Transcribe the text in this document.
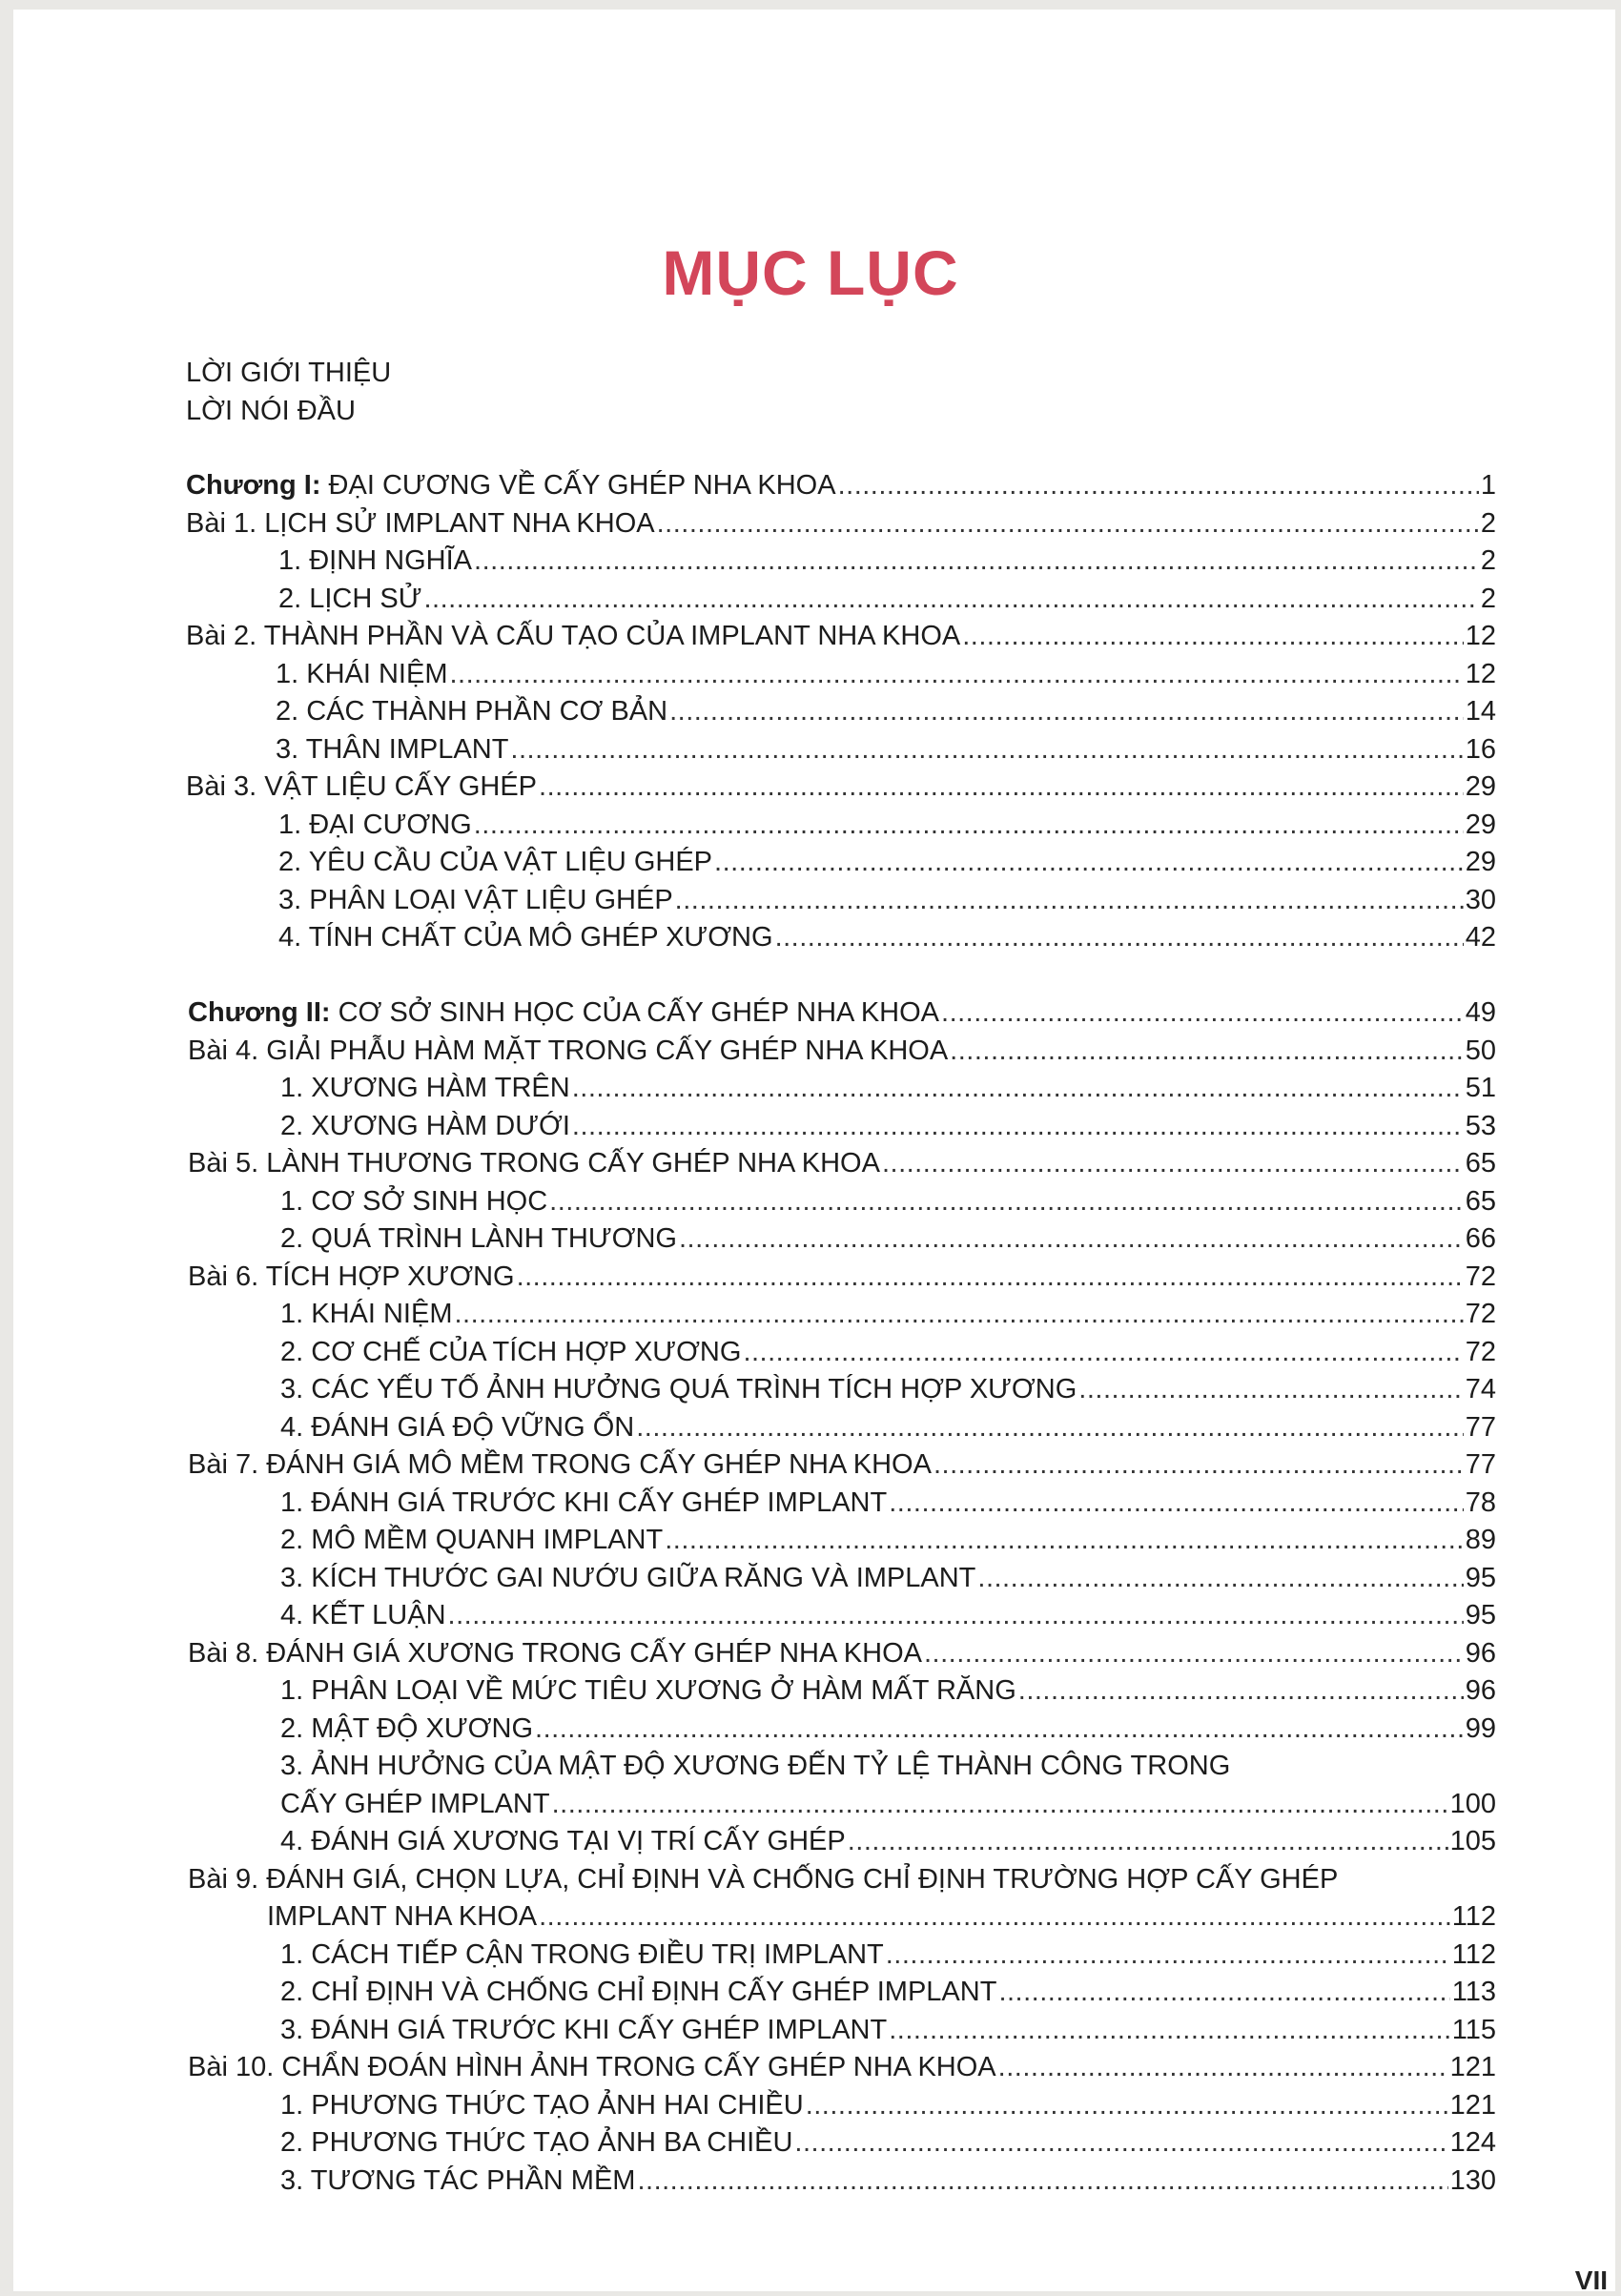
MỤC LỤC
LỜI GIỚI THIỆU
LỜI NÓI ĐẦU
Chương I: ĐẠI CƯƠNG VỀ CẤY GHÉP NHA KHOA .....	1
Bài 1. LỊCH SỬ IMPLANT NHA KHOA .....	2
1. ĐỊNH NGHĨA .....	2
2. LỊCH SỬ .....	2
Bài 2. THÀNH PHẦN VÀ CẤU TẠO CỦA IMPLANT NHA KHOA .....	12
1. KHÁI NIỆM .....	12
2. CÁC THÀNH PHẦN CƠ BẢN .....	14
3. THÂN IMPLANT .....	16
Bài 3. VẬT LIỆU CẤY GHÉP .....	29
1. ĐẠI CƯƠNG .....	29
2. YÊU CẦU CỦA VẬT LIỆU GHÉP .....	29
3. PHÂN LOẠI VẬT LIỆU GHÉP .....	30
4. TÍNH CHẤT CỦA MÔ GHÉP XƯƠNG .....	42
Chương II: CƠ SỞ SINH HỌC CỦA CẤY GHÉP NHA KHOA .....	49
Bài 4. GIẢI PHẪU HÀM MẶT TRONG CẤY GHÉP NHA KHOA .....	50
1. XƯƠNG HÀM TRÊN .....	51
2. XƯƠNG HÀM DƯỚI .....	53
Bài 5. LÀNH THƯƠNG TRONG CẤY GHÉP NHA KHOA .....	65
1. CƠ SỞ SINH HỌC .....	65
2. QUÁ TRÌNH LÀNH THƯƠNG .....	66
Bài 6. TÍCH HỢP XƯƠNG .....	72
1. KHÁI NIỆM .....	72
2. CƠ CHẾ CỦA TÍCH HỢP XƯƠNG .....	72
3. CÁC YẾU TỐ ẢNH HƯỞNG QUÁ TRÌNH TÍCH HỢP XƯƠNG .....	74
4. ĐÁNH GIÁ ĐỘ VỮNG ỔN .....	77
Bài 7. ĐÁNH GIÁ MÔ MỀM TRONG CẤY GHÉP NHA KHOA .....	77
1. ĐÁNH GIÁ TRƯỚC KHI CẤY GHÉP IMPLANT .....	78
2. MÔ MỀM QUANH IMPLANT .....	89
3. KÍCH THƯỚC GAI NƯỚU GIỮA RĂNG VÀ IMPLANT .....	95
4. KẾT LUẬN .....	95
Bài 8. ĐÁNH GIÁ XƯƠNG TRONG CẤY GHÉP NHA KHOA .....	96
1. PHÂN LOẠI VỀ MỨC TIÊU XƯƠNG Ở HÀM MẤT RĂNG .....	96
2. MẬT ĐỘ XƯƠNG .....	99
3. ẢNH HƯỞNG CỦA MẬT ĐỘ XƯƠNG ĐẾN TỶ LỆ THÀNH CÔNG TRONG
CẤY GHÉP IMPLANT .....	100
4. ĐÁNH GIÁ XƯƠNG TẠI VỊ TRÍ CẤY GHÉP .....	105
Bài 9. ĐÁNH GIÁ, CHỌN LỰA, CHỈ ĐỊNH VÀ CHỐNG CHỈ ĐỊNH TRƯỜNG HỢP CẤY GHÉP
IMPLANT NHA KHOA .....	112
1. CÁCH TIẾP CẬN TRONG ĐIỀU TRỊ IMPLANT .....	112
2. CHỈ ĐỊNH VÀ CHỐNG CHỈ ĐỊNH CẤY GHÉP IMPLANT .....	113
3. ĐÁNH GIÁ TRƯỚC KHI CẤY GHÉP IMPLANT .....	115
Bài 10. CHẨN ĐOÁN HÌNH ẢNH TRONG CẤY GHÉP NHA KHOA .....	121
1. PHƯƠNG THỨC TẠO ẢNH HAI CHIỀU .....	121
2. PHƯƠNG THỨC TẠO ẢNH BA CHIỀU .....	124
3. TƯƠNG TÁC PHẦN MỀM .....	130
VII
